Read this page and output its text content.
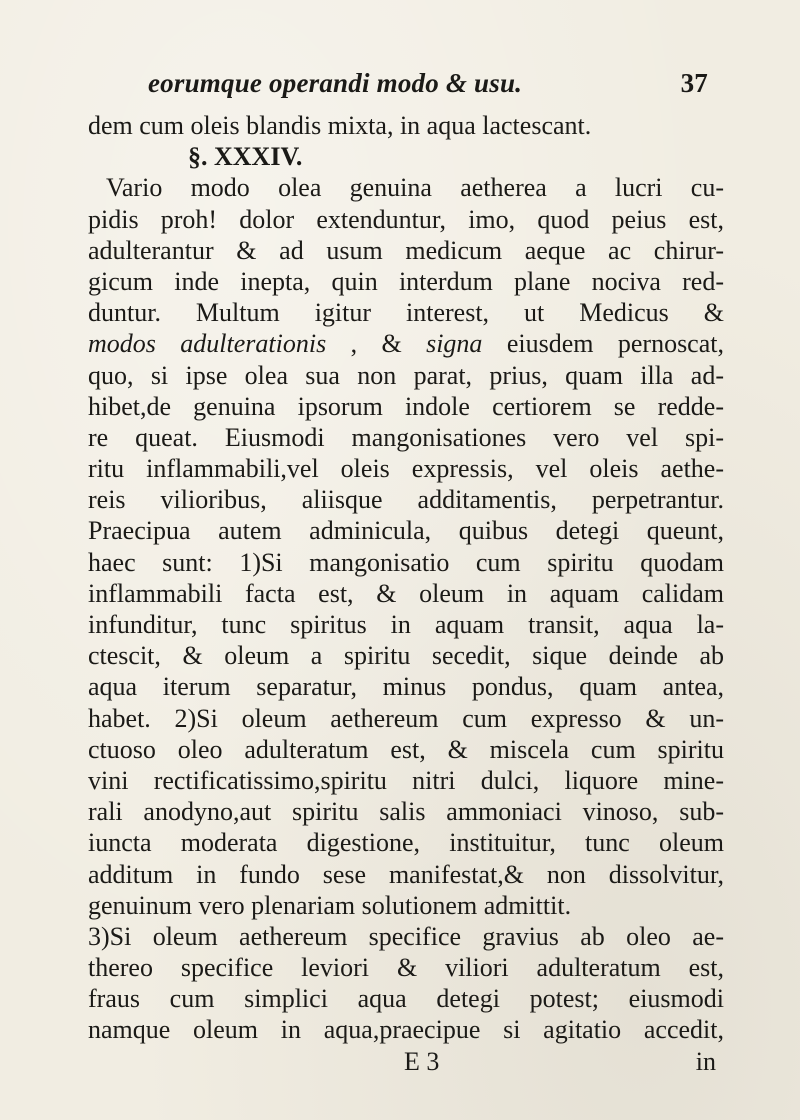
eorumque operandi modo & usu.	37
dem cum oleis blandis mixta, in aqua lactescant.
§. XXXIV.
Vario modo olea genuina aetherea a lucri cu-
pidis proh! dolor extenduntur, imo, quod peius est,
adulterantur & ad usum medicum aeque ac chirur-
gicum inde inepta, quin interdum plane nociva red-
duntur. Multum igitur interest, ut Medicus &
modos adulterationis , & signa eiusdem pernoscat,
quo, si ipse olea sua non parat, prius, quam illa ad-
hibet,de genuina ipsorum indole certiorem se redde-
re queat. Eiusmodi mangonisationes vero vel spi-
ritu inflammabili,vel oleis expressis, vel oleis aethe-
reis vilioribus, aliisque additamentis, perpetrantur.
Praecipua autem adminicula, quibus detegi queunt,
haec sunt: 1)Si mangonisatio cum spiritu quodam
inflammabili facta est, & oleum in aquam calidam
infunditur, tunc spiritus in aquam transit, aqua la-
ctescit, & oleum a spiritu secedit, sique deinde ab
aqua iterum separatur, minus pondus, quam antea,
habet. 2)Si oleum aethereum cum expresso & un-
ctuoso oleo adulteratum est, & miscela cum spiritu
vini rectificatissimo,spiritu nitri dulci, liquore mine-
rali anodyno,aut spiritu salis ammoniaci vinoso, sub-
iuncta moderata digestione, instituitur, tunc oleum
additum in fundo sese manifestat,& non dissolvitur,
genuinum vero plenariam solutionem admittit.
3)Si oleum aethereum specifice gravius ab oleo ae-
thereo specifice leviori & viliori adulteratum est,
fraus cum simplici aqua detegi potest; eiusmodi
namque oleum in aqua,praecipue si agitatio accedit,
E 3	in
